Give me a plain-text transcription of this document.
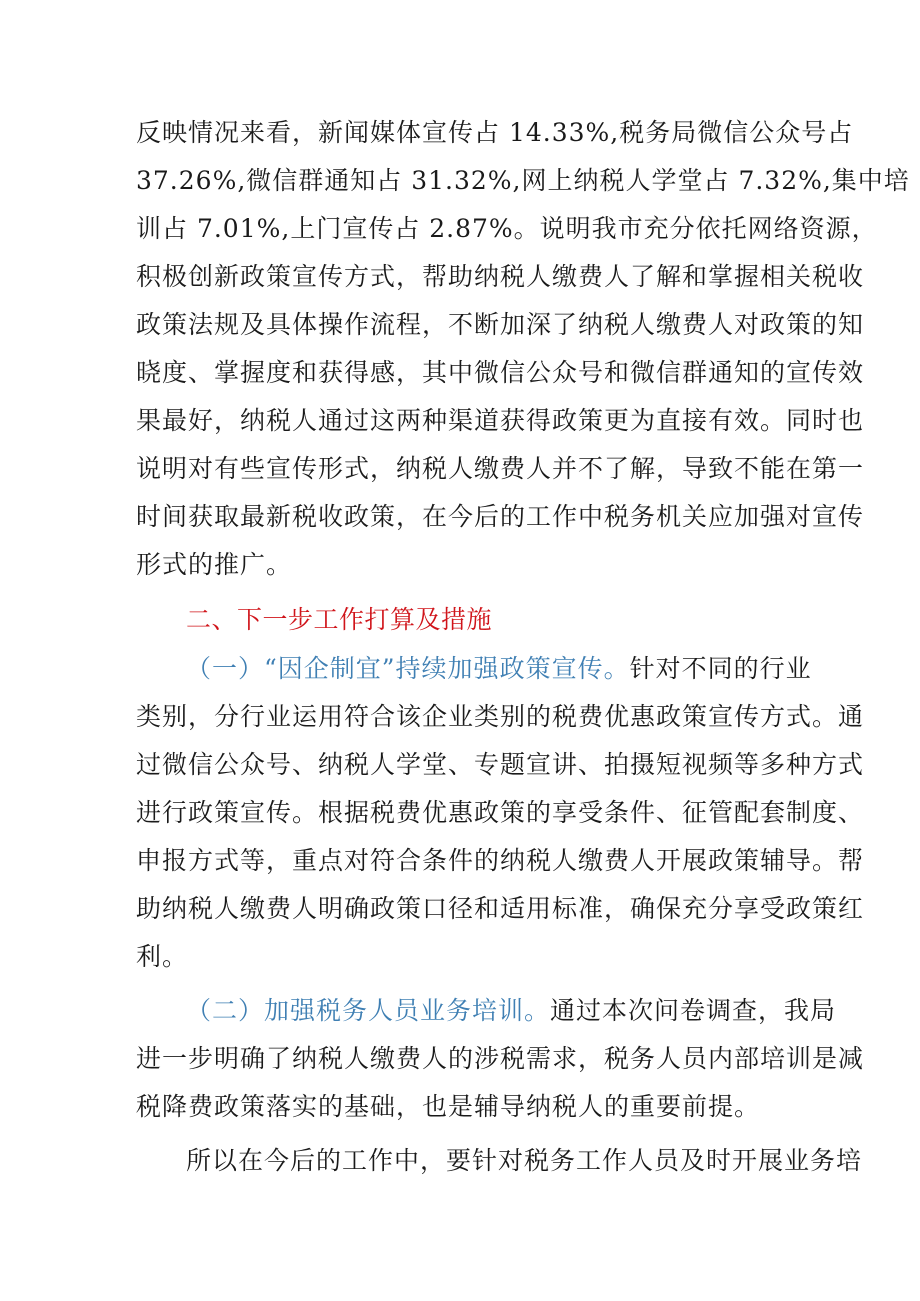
反映情况来看，新闻媒体宣传占 14.33%,税务局微信公众号占
37.26%,微信群通知占 31.32%,网上纳税人学堂占 7.32%,集中培
训占 7.01%,上门宣传占 2.87%。说明我市充分依托网络资源，
积极创新政策宣传方式，帮助纳税人缴费人了解和掌握相关税收
政策法规及具体操作流程，不断加深了纳税人缴费人对政策的知
晓度、掌握度和获得感，其中微信公众号和微信群通知的宣传效
果最好，纳税人通过这两种渠道获得政策更为直接有效。同时也
说明对有些宣传形式，纳税人缴费人并不了解，导致不能在第一
时间获取最新税收政策，在今后的工作中税务机关应加强对宣传
形式的推广。
二、下一步工作打算及措施
（一）“因企制宜”持续加强政策宣传。 针对不同的行业
类别，分行业运用符合该企业类别的税费优惠政策宣传方式。通
过微信公众号、纳税人学堂、专题宣讲、拍摄短视频等多种方式
进行政策宣传。根据税费优惠政策的享受条件、征管配套制度、
申报方式等，重点对符合条件的纳税人缴费人开展政策辅导。帮
助纳税人缴费人明确政策口径和适用标准，确保充分享受政策红
利。
（二）加强税务人员业务培训。 通过本次问卷调查，我局
进一步明确了纳税人缴费人的涉税需求，税务人员内部培训是减
税降费政策落实的基础，也是辅导纳税人的重要前提。
所以在今后的工作中，要针对税务工作人员及时开展业务培
